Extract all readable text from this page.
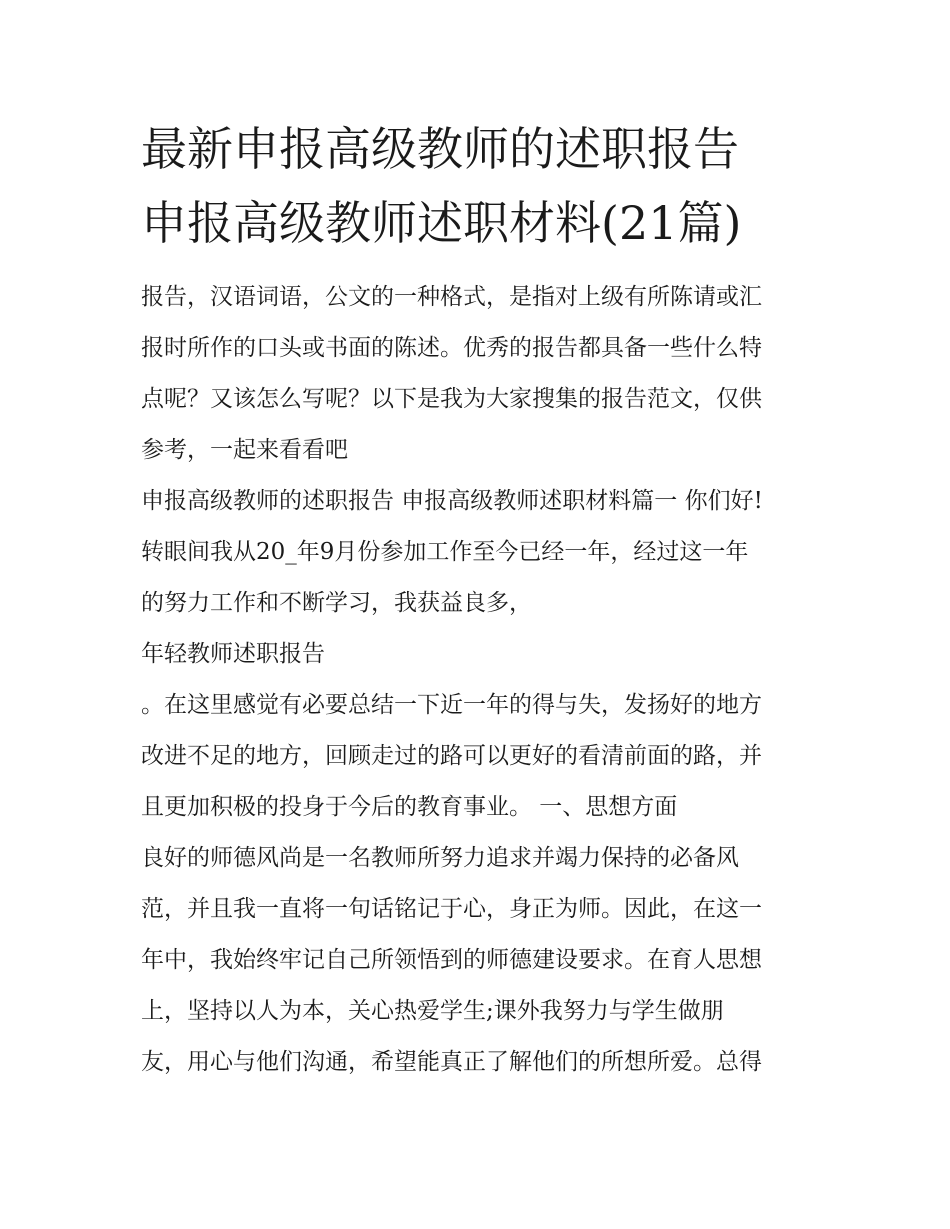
最新申报高级教师的述职报告
申报高级教师述职材料(21篇)

报告，汉语词语，公文的一种格式，是指对上级有所陈请或汇
报时所作的口头或书面的陈述。优秀的报告都具备一些什么特
点呢？又该怎么写呢？以下是我为大家搜集的报告范文，仅供
参考，一起来看看吧

申报高级教师的述职报告 申报高级教师述职材料篇一 你们好!
转眼间我从20_年9月份参加工作至今已经一年，经过这一年
的努力工作和不断学习，我获益良多，

年轻教师述职报告

。在这里感觉有必要总结一下近一年的得与失，发扬好的地方
改进不足的地方，回顾走过的路可以更好的看清前面的路，并
且更加积极的投身于今后的教育事业。 一、思想方面

良好的师德风尚是一名教师所努力追求并竭力保持的必备风
范，并且我一直将一句话铭记于心，身正为师。因此，在这一
年中，我始终牢记自己所领悟到的师德建设要求。在育人思想
上，坚持以人为本，关心热爱学生;课外我努力与学生做朋
友，用心与他们沟通，希望能真正了解他们的所想所爱。总得
